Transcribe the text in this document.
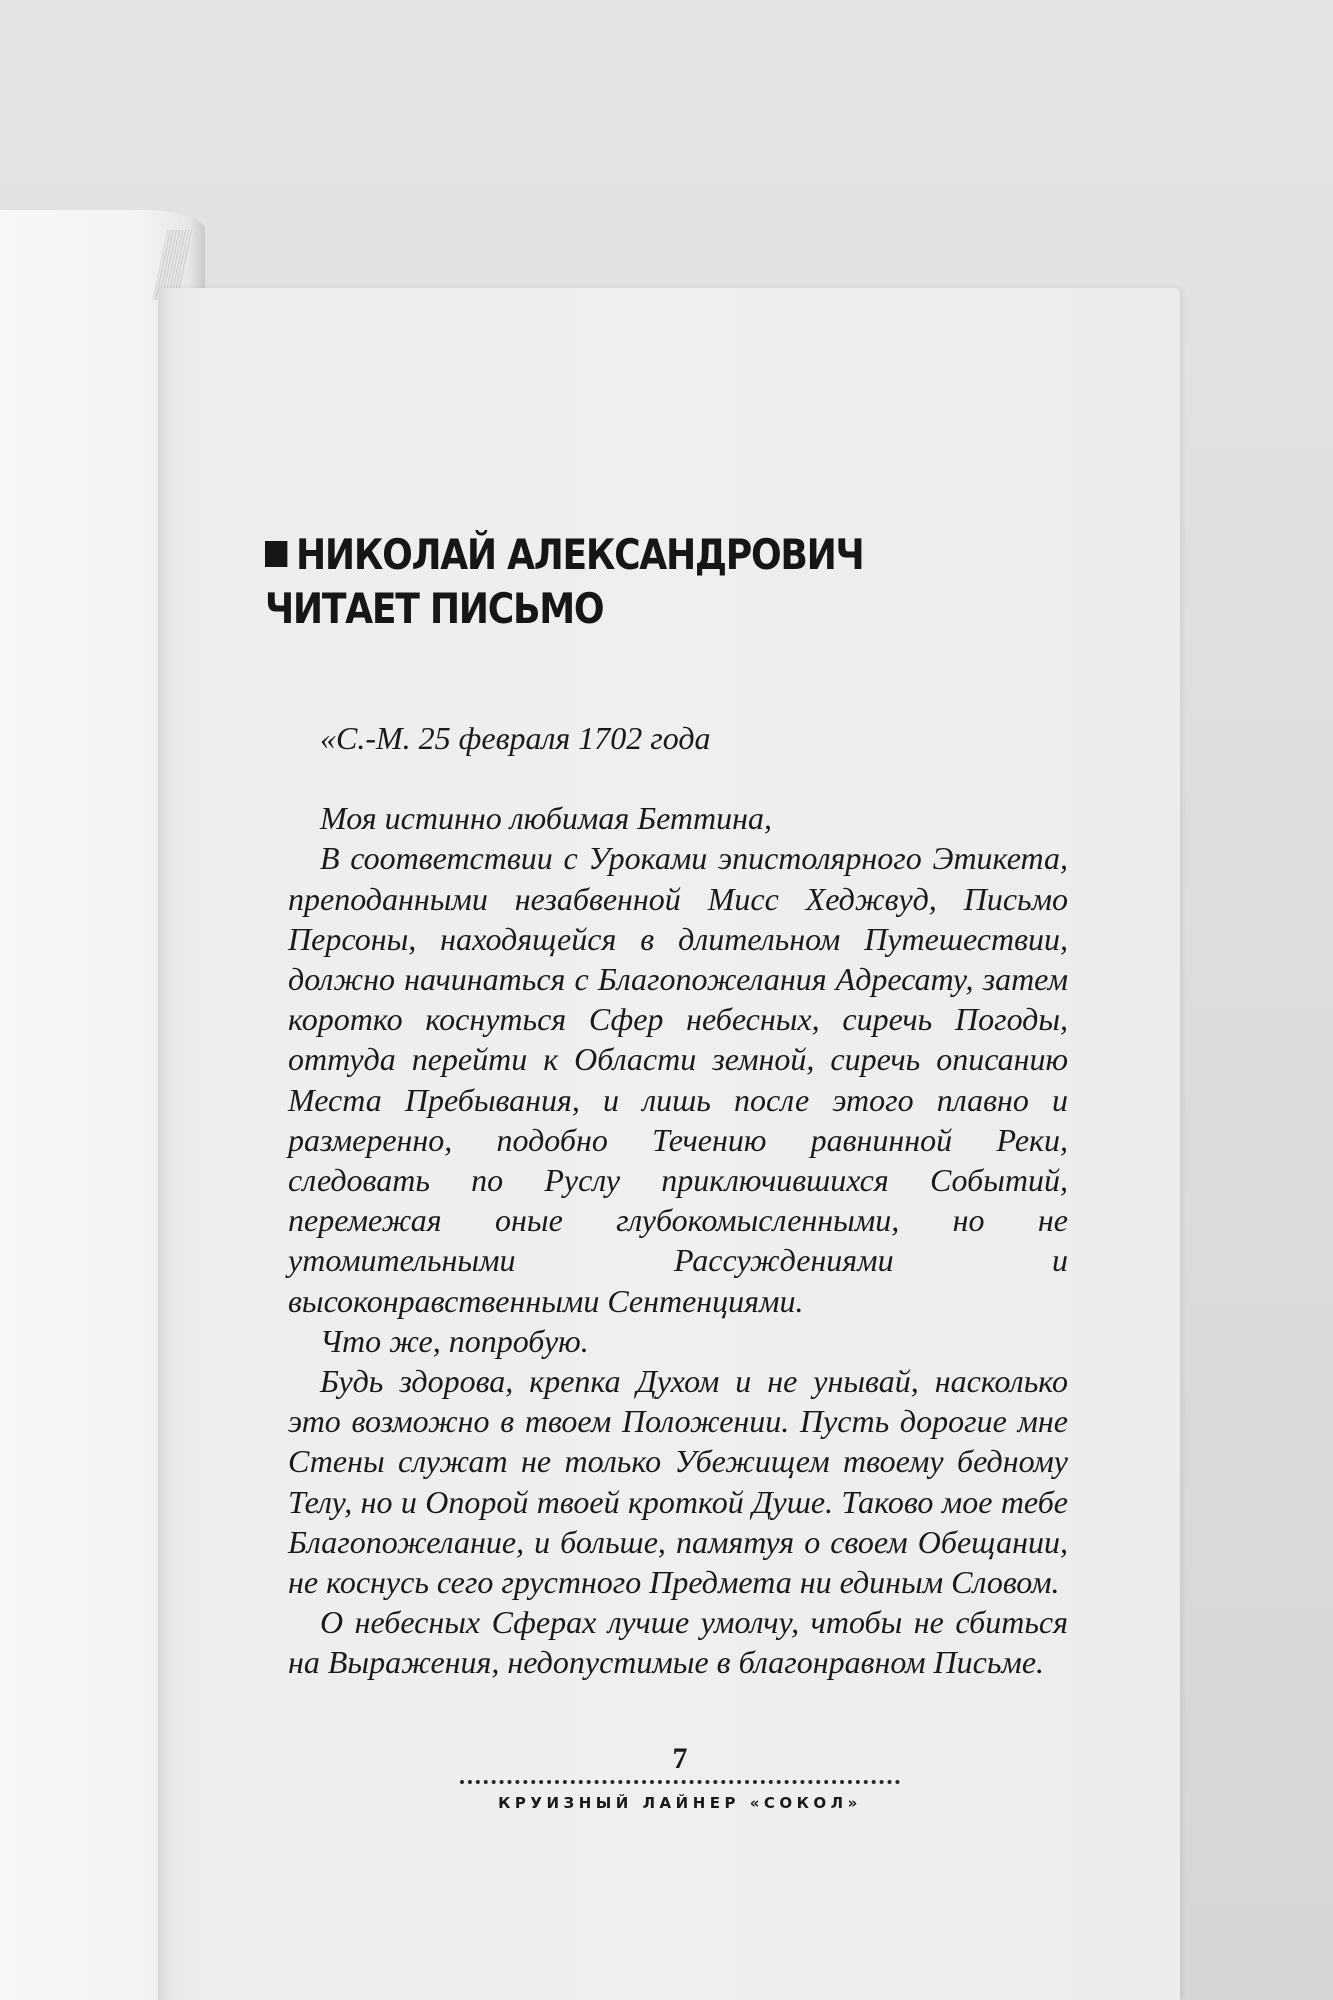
НИКОЛАЙ АЛЕКСАНДРОВИЧ
ЧИТАЕТ ПИСЬМО

«С.-М. 25 февраля 1702 года

Моя истинно любимая Беттина,

В соответствии с Уроками эпистолярного Этикета, преподанными незабвенной Мисс Хеджвуд, Письмо Персоны, находящейся в длительном Путешествии, должно начинаться с Благопожелания Адресату, затем коротко коснуться Сфер небесных, сиречь Погоды, оттуда перейти к Области земной, сиречь описанию Места Пребывания, и лишь после этого плавно и размеренно, подобно Течению равнинной Реки, следовать по Руслу приключившихся Событий, перемежая оные глубокомысленными, но не утомительными Рассуждениями и высоконравственными Сентенциями.

Что же, попробую.

Будь здорова, крепка Духом и не унывай, насколько это возможно в твоем Положении. Пусть дорогие мне Стены служат не только Убежищем твоему бедному Телу, но и Опорой твоей кроткой Душе. Таково мое тебе Благопожелание, и больше, памятуя о своем Обещании, не коснусь сего грустного Предмета ни единым Словом.

О небесных Сферах лучше умолчу, чтобы не сбиться на Выражения, недопустимые в благонравном Письме.

7
КРУИЗНЫЙ ЛАЙНЕР «СОКОЛ»
